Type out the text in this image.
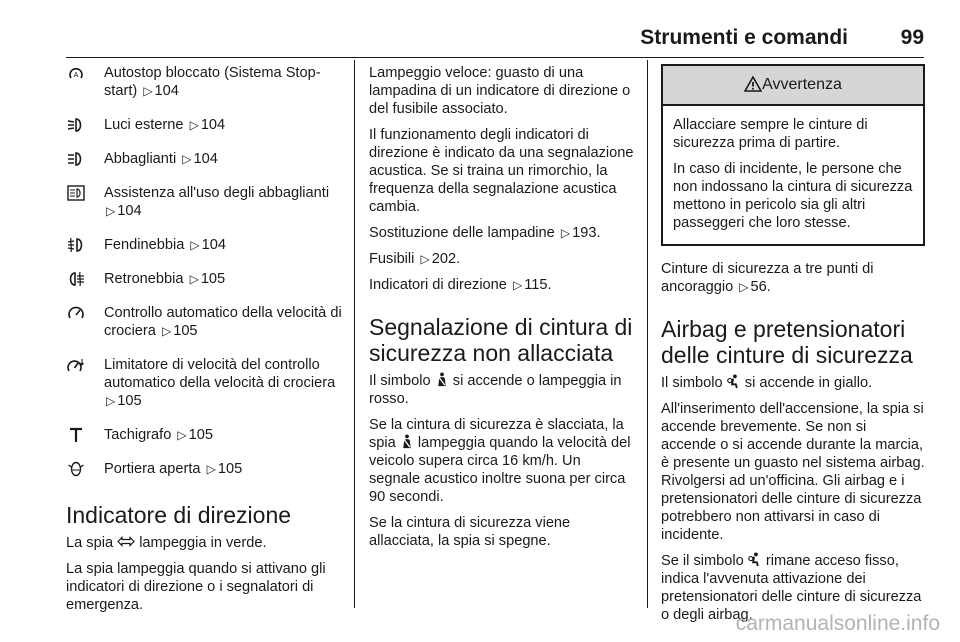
Strumenti e comandi	99
A Autostop bloccato (Sistema Stop-start) ▷ 104
Luci esterne ▷ 104
Abbaglianti ▷ 104
Assistenza all'uso degli abbaglianti ▷ 104
Fendinebbia ▷ 104
Retronebbia ▷ 105
Controllo automatico della velocità di crociera ▷ 105
Limitatore di velocità del controllo automatico della velocità di crociera ▷ 105
Tachigrafo ▷ 105
Portiera aperta ▷ 105
Indicatore di direzione

La spia lampeggia in verde.

La spia lampeggia quando si attivano gli indicatori di direzione o i segnalatori di emergenza.

Lampeggio veloce: guasto di una lampadina di un indicatore di direzione o del fusibile associato.

Il funzionamento degli indicatori di direzione è indicato da una segnalazione acustica. Se si traina un rimorchio, la frequenza della segnalazione acustica cambia.

Sostituzione delle lampadine ▷ 193.

Fusibili ▷ 202.

Indicatori di direzione ▷ 115.

Segnalazione di cintura di sicurezza non allacciata

Il simbolo si accende o lampeggia in rosso.

Se la cintura di sicurezza è slacciata, la spia lampeggia quando la velocità del veicolo supera circa 16 km/h. Un segnale acustico inoltre suona per circa 90 secondi.

Se la cintura di sicurezza viene allacciata, la spia si spegne.

Avvertenza

Allacciare sempre le cinture di sicurezza prima di partire.

In caso di incidente, le persone che non indossano la cintura di sicurezza mettono in pericolo sia gli altri passeggeri che loro stesse.

Cinture di sicurezza a tre punti di ancoraggio ▷ 56.

Airbag e pretensionatori delle cinture di sicurezza

Il simbolo si accende in giallo.

All'inserimento dell'accensione, la spia si accende brevemente. Se non si accende o si accende durante la marcia, è presente un guasto nel sistema airbag. Rivolgersi ad un'officina. Gli airbag e i pretensionatori delle cinture di sicurezza potrebbero non attivarsi in caso di incidente.

Se il simbolo rimane acceso fisso, indica l'avvenuta attivazione dei pretensionatori delle cinture di sicurezza o degli airbag.

carmanualsonline.info
